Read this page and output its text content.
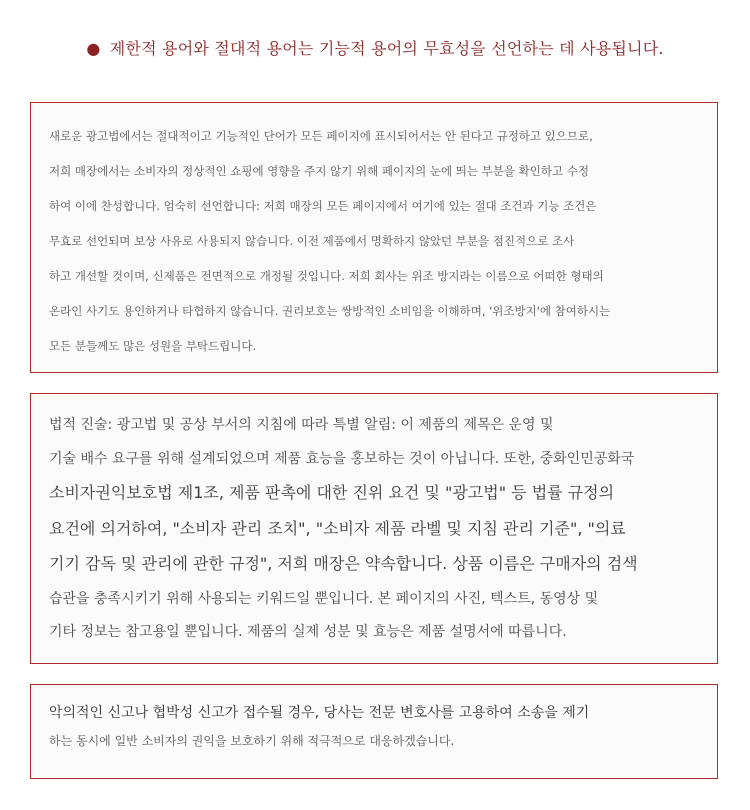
● 제한적 용어와 절대적 용어는 기능적 용어의 무효성을 선언하는 데 사용됩니다.

새로운 광고법에서는 절대적이고 기능적인 단어가 모든 페이지에 표시되어서는 안 된다고 규정하고 있으므로,
저희 매장에서는 소비자의 정상적인 쇼핑에 영향을 주지 않기 위해 페이지의 눈에 띄는 부분을 확인하고 수정
하여 이에 찬성합니다. 엄숙히 선언합니다: 저희 매장의 모든 페이지에서 여기에 있는 절대 조건과 기능 조건은
무효로 선언되며 보상 사유로 사용되지 않습니다. 이전 제품에서 명확하지 않았던 부분을 점진적으로 조사
하고 개선할 것이며, 신제품은 전면적으로 개정될 것입니다. 저희 회사는 위조 방지라는 이름으로 어떠한 형태의
온라인 사기도 용인하거나 타협하지 않습니다. 권리보호는 쌍방적인 소비임을 이해하며, '위조방지'에 참여하시는
모든 분들께도 많은 성원을 부탁드립니다.

법적 진술: 광고법 및 공상 부서의 지침에 따라 특별 알림: 이 제품의 제목은 운영 및
기술 배수 요구를 위해 설계되었으며 제품 효능을 홍보하는 것이 아닙니다. 또한, 중화인민공화국
소비자권익보호법 제1조, 제품 판촉에 대한 진위 요건 및 "광고법" 등 법률 규정의
요건에 의거하여, "소비자 관리 조치", "소비자 제품 라벨 및 지침 관리 기준", "의료
기기 감독 및 관리에 관한 규정", 저희 매장은 약속합니다. 상품 이름은 구매자의 검색
습관을 충족시키기 위해 사용되는 키워드일 뿐입니다. 본 페이지의 사진, 텍스트, 동영상 및
기타 정보는 참고용일 뿐입니다. 제품의 실제 성분 및 효능은 제품 설명서에 따릅니다.

악의적인 신고나 협박성 신고가 접수될 경우, 당사는 전문 변호사를 고용하여 소송을 제기

하는 동시에 일반 소비자의 권익을 보호하기 위해 적극적으로 대응하겠습니다.
